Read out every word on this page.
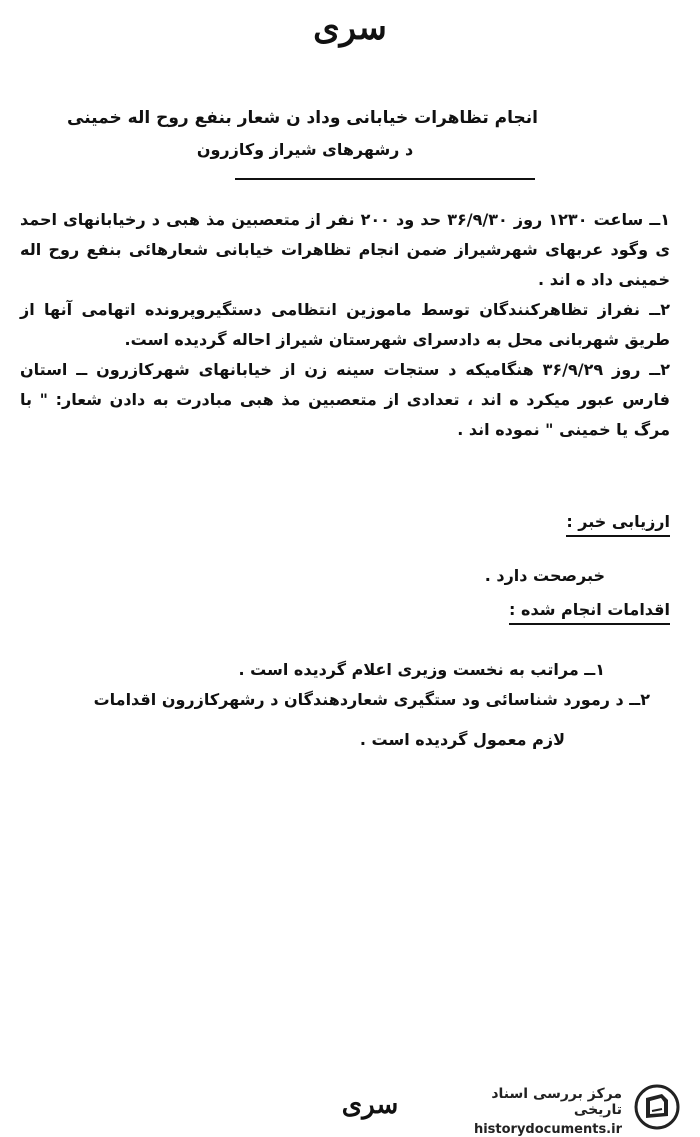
سری
انجام تظاهرات خیابانی وداد ن شعار بنفع روح اله خمینی
د رشهرهای شیراز وکازرون

۱ــ ساعت ۱۲۳۰ روز ۳۶/۹/۳۰ حد ود ۲۰۰ نفر از متعصبین مذ هبی د رخیابانهای احمد ی وگود عربهای شهرشیراز ضمن انجام تظاهرات خیابانی شعارهائی بنفع روح اله خمینی داد ه اند .

۲ــ نفراز تظاهرکنندگان توسط ماموزین انتظامی دستگیروپرونده اتهامی آنها از طریق شهربانی محل به دادسرای شهرستان شیراز احاله گردیده است.

۲ــ روز ۳۶/۹/۲۹ هنگامیکه د ستجات سینه زن از خیابانهای شهرکازرون ــ استان فارس عبور میکرد ه اند ، تعدادی از متعصبین مذ هبی مبادرت به دادن شعار: " با مرگ یا خمینی " نموده اند .

ارزیابی خبر :
خبرصحت دارد .
اقدامات انجام شده :

۱ــ مراتب به نخست وزیری اعلام گردیده است .

۲ــ د رمورد شناسائی ود ستگیری شعاردهندگان د رشهرکازرون اقدامات

لازم معمول گردیده است .

سری	مرکز بررسی اسناد تاریخی
historydocuments.ir
